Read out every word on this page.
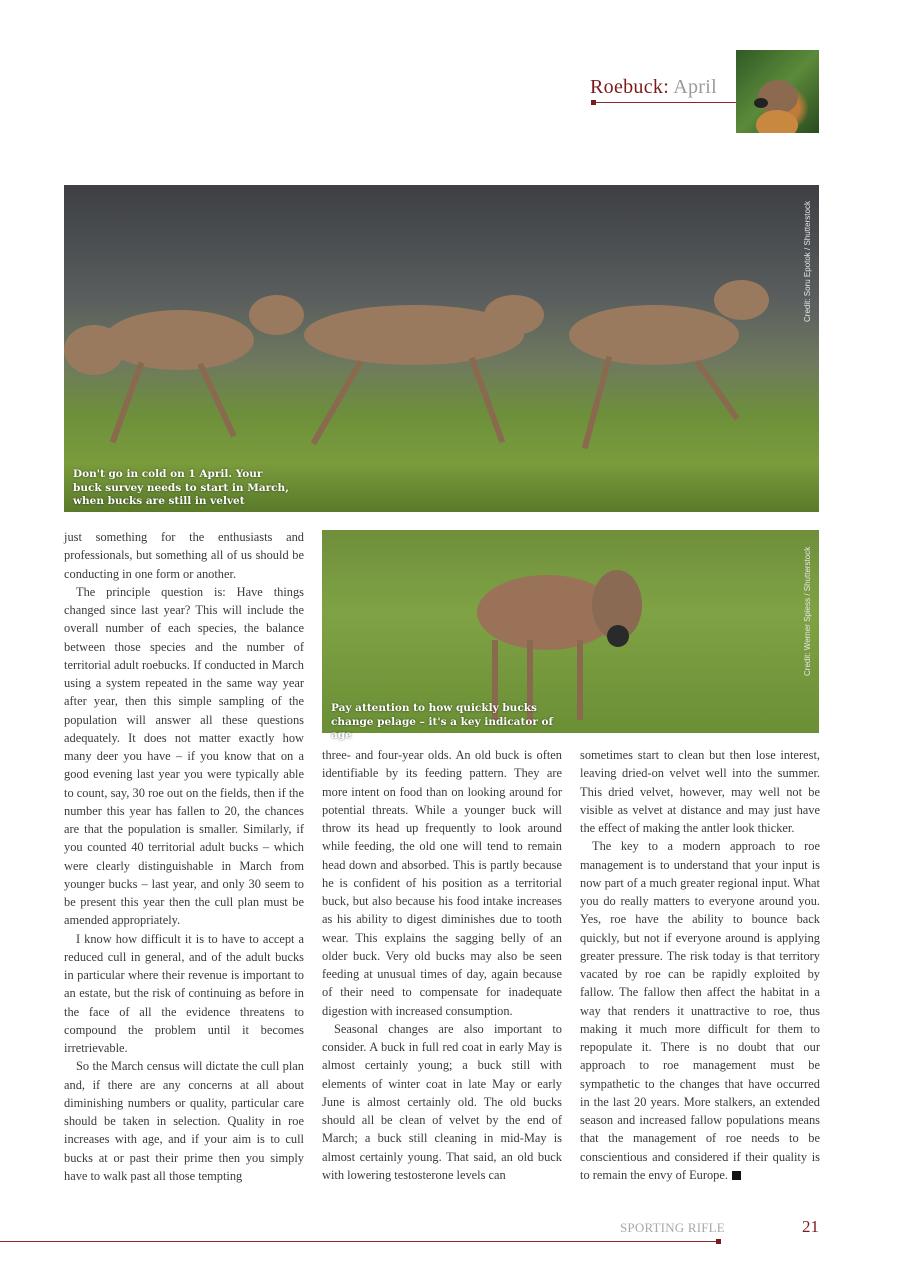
Roebuck: April
Don't go in cold on 1 April. Your buck survey needs to start in March, when bucks are still in velvet
Credit: Soru Epotok / Shutterstock
Pay attention to how quickly bucks change pelage – it's a key indicator of age
Credit: Werner Spiess / Shutterstock

just something for the enthusiasts and professionals, but something all of us should be conducting in one form or another.

The principle question is: Have things changed since last year? This will include the overall number of each species, the balance between those species and the number of territorial adult roebucks. If conducted in March using a system repeated in the same way year after year, then this simple sampling of the population will answer all these questions adequately. It does not matter exactly how many deer you have – if you know that on a good evening last year you were typically able to count, say, 30 roe out on the fields, then if the number this year has fallen to 20, the chances are that the population is smaller. Similarly, if you counted 40 territorial adult bucks – which were clearly distinguishable in March from younger bucks – last year, and only 30 seem to be present this year then the cull plan must be amended appropriately.

I know how difficult it is to have to accept a reduced cull in general, and of the adult bucks in particular where their revenue is important to an estate, but the risk of continuing as before in the face of all the evidence threatens to compound the problem until it becomes irretrievable.

So the March census will dictate the cull plan and, if there are any concerns at all about diminishing numbers or quality, particular care should be taken in selection. Quality in roe increases with age, and if your aim is to cull bucks at or past their prime then you simply have to walk past all those tempting

three- and four-year olds. An old buck is often identifiable by its feeding pattern. They are more intent on food than on looking around for potential threats. While a younger buck will throw its head up frequently to look around while feeding, the old one will tend to remain head down and absorbed. This is partly because he is confident of his position as a territorial buck, but also because his food intake increases as his ability to digest diminishes due to tooth wear. This explains the sagging belly of an older buck. Very old bucks may also be seen feeding at unusual times of day, again because of their need to compensate for inadequate digestion with increased consumption.

Seasonal changes are also important to consider. A buck in full red coat in early May is almost certainly young; a buck still with elements of winter coat in late May or early June is almost certainly old. The old bucks should all be clean of velvet by the end of March; a buck still cleaning in mid-May is almost certainly young. That said, an old buck with lowering testosterone levels can

sometimes start to clean but then lose interest, leaving dried-on velvet well into the summer. This dried velvet, however, may well not be visible as velvet at distance and may just have the effect of making the antler look thicker.

The key to a modern approach to roe management is to understand that your input is now part of a much greater regional input. What you do really matters to everyone around you. Yes, roe have the ability to bounce back quickly, but not if everyone around is applying greater pressure. The risk today is that territory vacated by roe can be rapidly exploited by fallow. The fallow then affect the habitat in a way that renders it unattractive to roe, thus making it much more difficult for them to repopulate it. There is no doubt that our approach to roe management must be sympathetic to the changes that have occurred in the last 20 years. More stalkers, an extended season and increased fallow populations means that the management of roe needs to be conscientious and considered if their quality is to remain the envy of Europe.

SPORTING RIFLE	21
